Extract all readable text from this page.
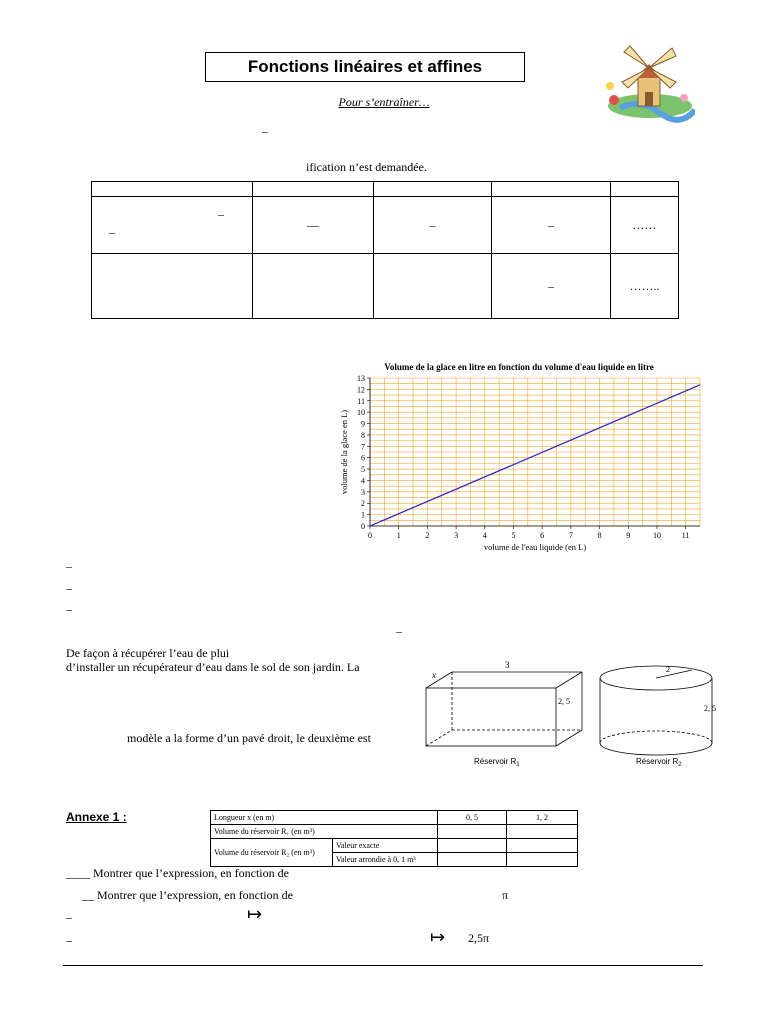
Fonctions linéaires et affines
Pour s’entraîner…
–
ification n’est demandée.

–
–	—	–	–	……
			–	……..
Volume de la glace en litre en fonction du volume d'eau liquide en litre
0	1	2	3	4	5	6	7	8	9	10	11
0
1
2
3
4
5
6
7
8
9
10
11
12
13
volume de l'eau liquide (en L)
volume de la glace en L)
–
–
–
–
De façon à récupérer l’eau de plui
d’installer un récupérateur d’eau dans le sol de son jardin. La
modèle a la forme d’un pavé droit, le deuxième est
3
x
2, 5
Réservoir $R_1$
2
2, 5
Réservoir $R_2$
Annexe 1 :	Longueur x (en m)		0, 5	1, 2
Volume du réservoir R₁ (en m³)			
Volume du réservoir R₂ (en m³)	Valeur exacte		
	Valeur arrondie à 0, 1 m³		
____ Montrer que l’expression, en fonction de
__ Montrer que l’expression, en fonction de	π
–	↦
–	↦ 2,5π
